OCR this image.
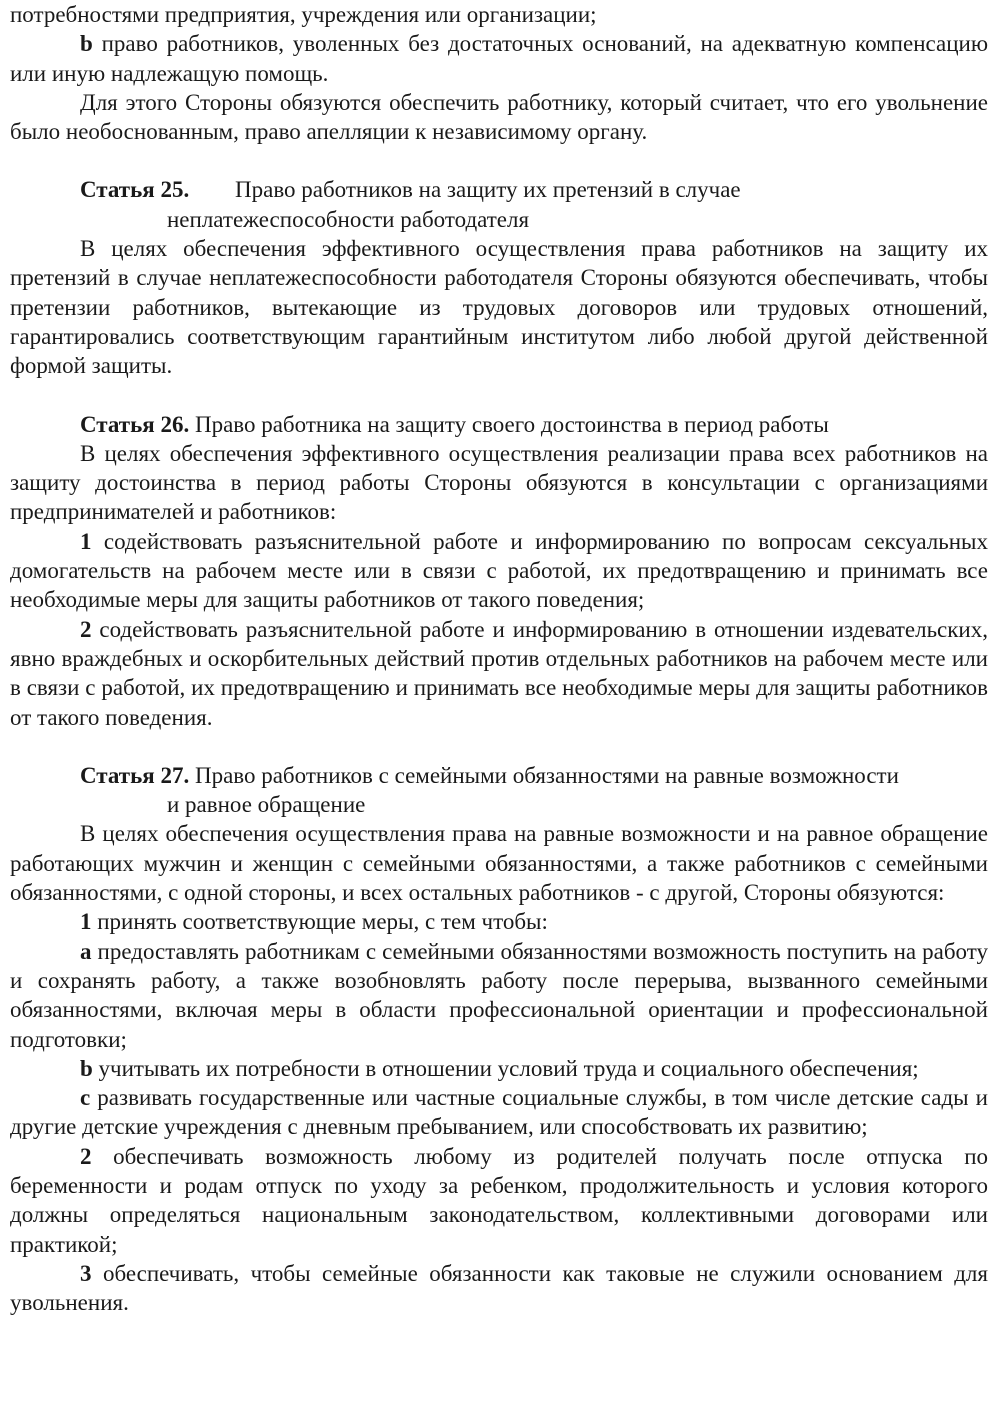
потребностями предприятия, учреждения или организации;

b право работников, уволенных без достаточных оснований, на адекватную компенсацию или иную надлежащую помощь.

Для этого Стороны обязуются обеспечить работнику, который считает, что его увольнение было необоснованным, право апелляции к независимому органу.

Статья 25.	Право работников на защиту их претензий в случае

неплатежеспособности работодателя

В целях обеспечения эффективного осуществления права работников на защиту их претензий в случае неплатежеспособности работодателя Стороны обязуются обеспечивать, чтобы претензии работников, вытекающие из трудовых договоров или трудовых отношений, гарантировались соответствующим гарантийным институтом либо любой другой действенной формой защиты.

Статья 26. Право работника на защиту своего достоинства в период работы

В целях обеспечения эффективного осуществления реализации права всех работников на защиту достоинства в период работы Стороны обязуются в консультации с организациями предпринимателей и работников:

1 содействовать разъяснительной работе и информированию по вопросам сексуальных домогательств на рабочем месте или в связи с работой, их предотвращению и принимать все необходимые меры для защиты работников от такого поведения;

2 содействовать разъяснительной работе и информированию в отношении издевательских, явно враждебных и оскорбительных действий против отдельных работников на рабочем месте или в связи с работой, их предотвращению и принимать все необходимые меры для защиты работников от такого поведения.

Статья 27. Право работников с семейными обязанностями на равные возможности

и равное обращение

В целях обеспечения осуществления права на равные возможности и на равное обращение работающих мужчин и женщин с семейными обязанностями, а также работников с семейными обязанностями, с одной стороны, и всех остальных работников - с другой, Стороны обязуются:

1 принять соответствующие меры, с тем чтобы:

a предоставлять работникам с семейными обязанностями возможность поступить на работу и сохранять работу, а также возобновлять работу после перерыва, вызванного семейными обязанностями, включая меры в области профессиональной ориентации и профессиональной подготовки;

b учитывать их потребности в отношении условий труда и социального обеспечения;

c развивать государственные или частные социальные службы, в том числе детские сады и другие детские учреждения с дневным пребыванием, или способствовать их развитию;

2 обеспечивать возможность любому из родителей получать после отпуска по беременности и родам отпуск по уходу за ребенком, продолжительность и условия которого должны определяться национальным законодательством, коллективными договорами или практикой;

3 обеспечивать, чтобы семейные обязанности как таковые не служили основанием для увольнения.
